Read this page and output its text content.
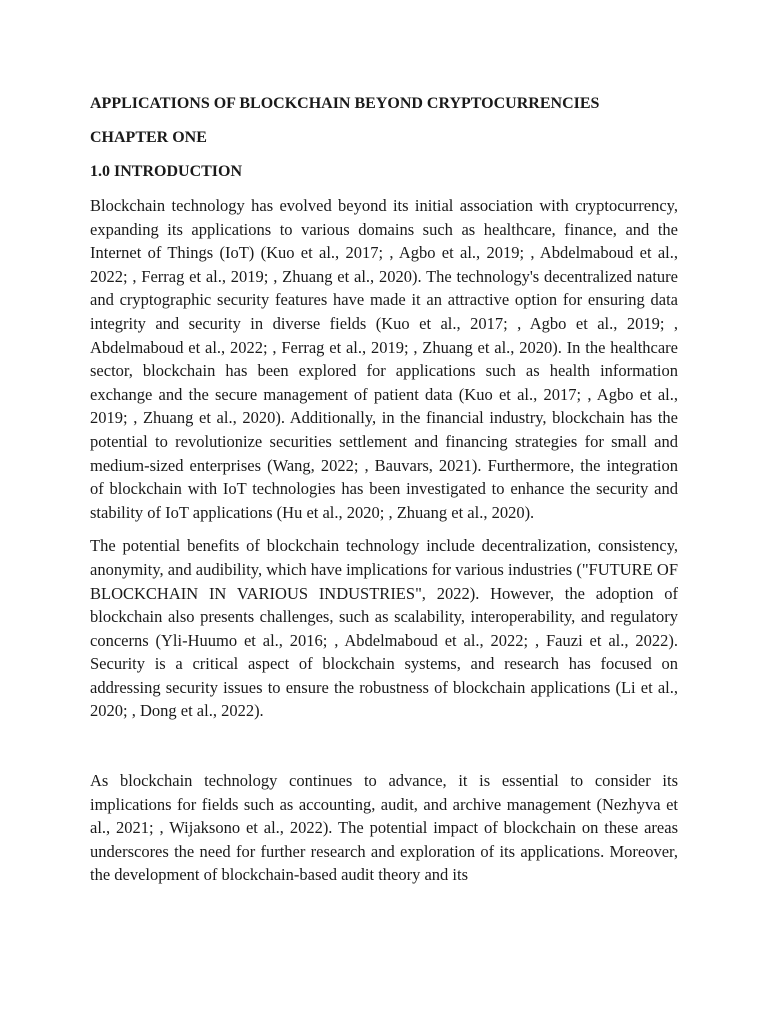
APPLICATIONS OF BLOCKCHAIN BEYOND CRYPTOCURRENCIES
CHAPTER ONE
1.0 INTRODUCTION

Blockchain technology has evolved beyond its initial association with cryptocurrency, expanding its applications to various domains such as healthcare, finance, and the Internet of Things (IoT) (Kuo et al., 2017; , Agbo et al., 2019; , Abdelmaboud et al., 2022; , Ferrag et al., 2019; , Zhuang et al., 2020). The technology's decentralized nature and cryptographic security features have made it an attractive option for ensuring data integrity and security in diverse fields (Kuo et al., 2017; , Agbo et al., 2019; , Abdelmaboud et al., 2022; , Ferrag et al., 2019; , Zhuang et al., 2020). In the healthcare sector, blockchain has been explored for applications such as health information exchange and the secure management of patient data (Kuo et al., 2017; , Agbo et al., 2019; , Zhuang et al., 2020). Additionally, in the financial industry, blockchain has the potential to revolutionize securities settlement and financing strategies for small and medium-sized enterprises (Wang, 2022; , Bauvars, 2021). Furthermore, the integration of blockchain with IoT technologies has been investigated to enhance the security and stability of IoT applications (Hu et al., 2020; , Zhuang et al., 2020).

The potential benefits of blockchain technology include decentralization, consistency, anonymity, and audibility, which have implications for various industries ("FUTURE OF BLOCKCHAIN IN VARIOUS INDUSTRIES", 2022). However, the adoption of blockchain also presents challenges, such as scalability, interoperability, and regulatory concerns (Yli-Huumo et al., 2016; , Abdelmaboud et al., 2022; , Fauzi et al., 2022). Security is a critical aspect of blockchain systems, and research has focused on addressing security issues to ensure the robustness of blockchain applications (Li et al., 2020; , Dong et al., 2022).

As blockchain technology continues to advance, it is essential to consider its implications for fields such as accounting, audit, and archive management (Nezhyva et al., 2021; , Wijaksono et al., 2022). The potential impact of blockchain on these areas underscores the need for further research and exploration of its applications. Moreover, the development of blockchain-based audit theory and its
